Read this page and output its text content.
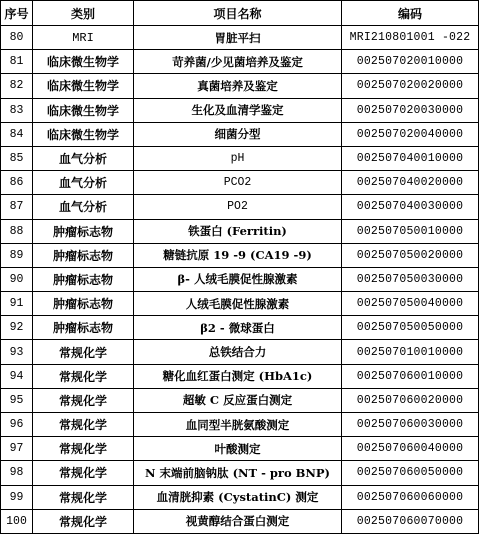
序号	类别	项目名称	编码
80	MRI	胃脏平扫	MRI210801001 -022
81	临床微生物学	苛养菌/少见菌培养及鉴定	002507020010000
82	临床微生物学	真菌培养及鉴定	002507020020000
83	临床微生物学	生化及血清学鉴定	002507020030000
84	临床微生物学	细菌分型	002507020040000
85	血气分析	pH	002507040010000
86	血气分析	PCO2	002507040020000
87	血气分析	PO2	002507040030000
88	肿瘤标志物	铁蛋白 (Ferritin)	002507050010000
89	肿瘤标志物	糖链抗原 19 -9 (CA19 -9)	002507050020000
90	肿瘤标志物	β- 人绒毛膜促性腺激素	002507050030000
91	肿瘤标志物	人绒毛膜促性腺激素	002507050040000
92	肿瘤标志物	β2 - 微球蛋白	002507050050000
93	常规化学	总铁结合力	002507010010000
94	常规化学	糖化血红蛋白测定 (HbA1c)	002507060010000
95	常规化学	超敏 C 反应蛋白测定	002507060020000
96	常规化学	血同型半胱氨酸测定	002507060030000
97	常规化学	叶酸测定	002507060040000
98	常规化学	N 末端前脑钠肽 (NT - pro BNP)	002507060050000
99	常规化学	血清胱抑素 (CystatinC) 测定	002507060060000
100	常规化学	视黄醇结合蛋白测定	002507060070000
